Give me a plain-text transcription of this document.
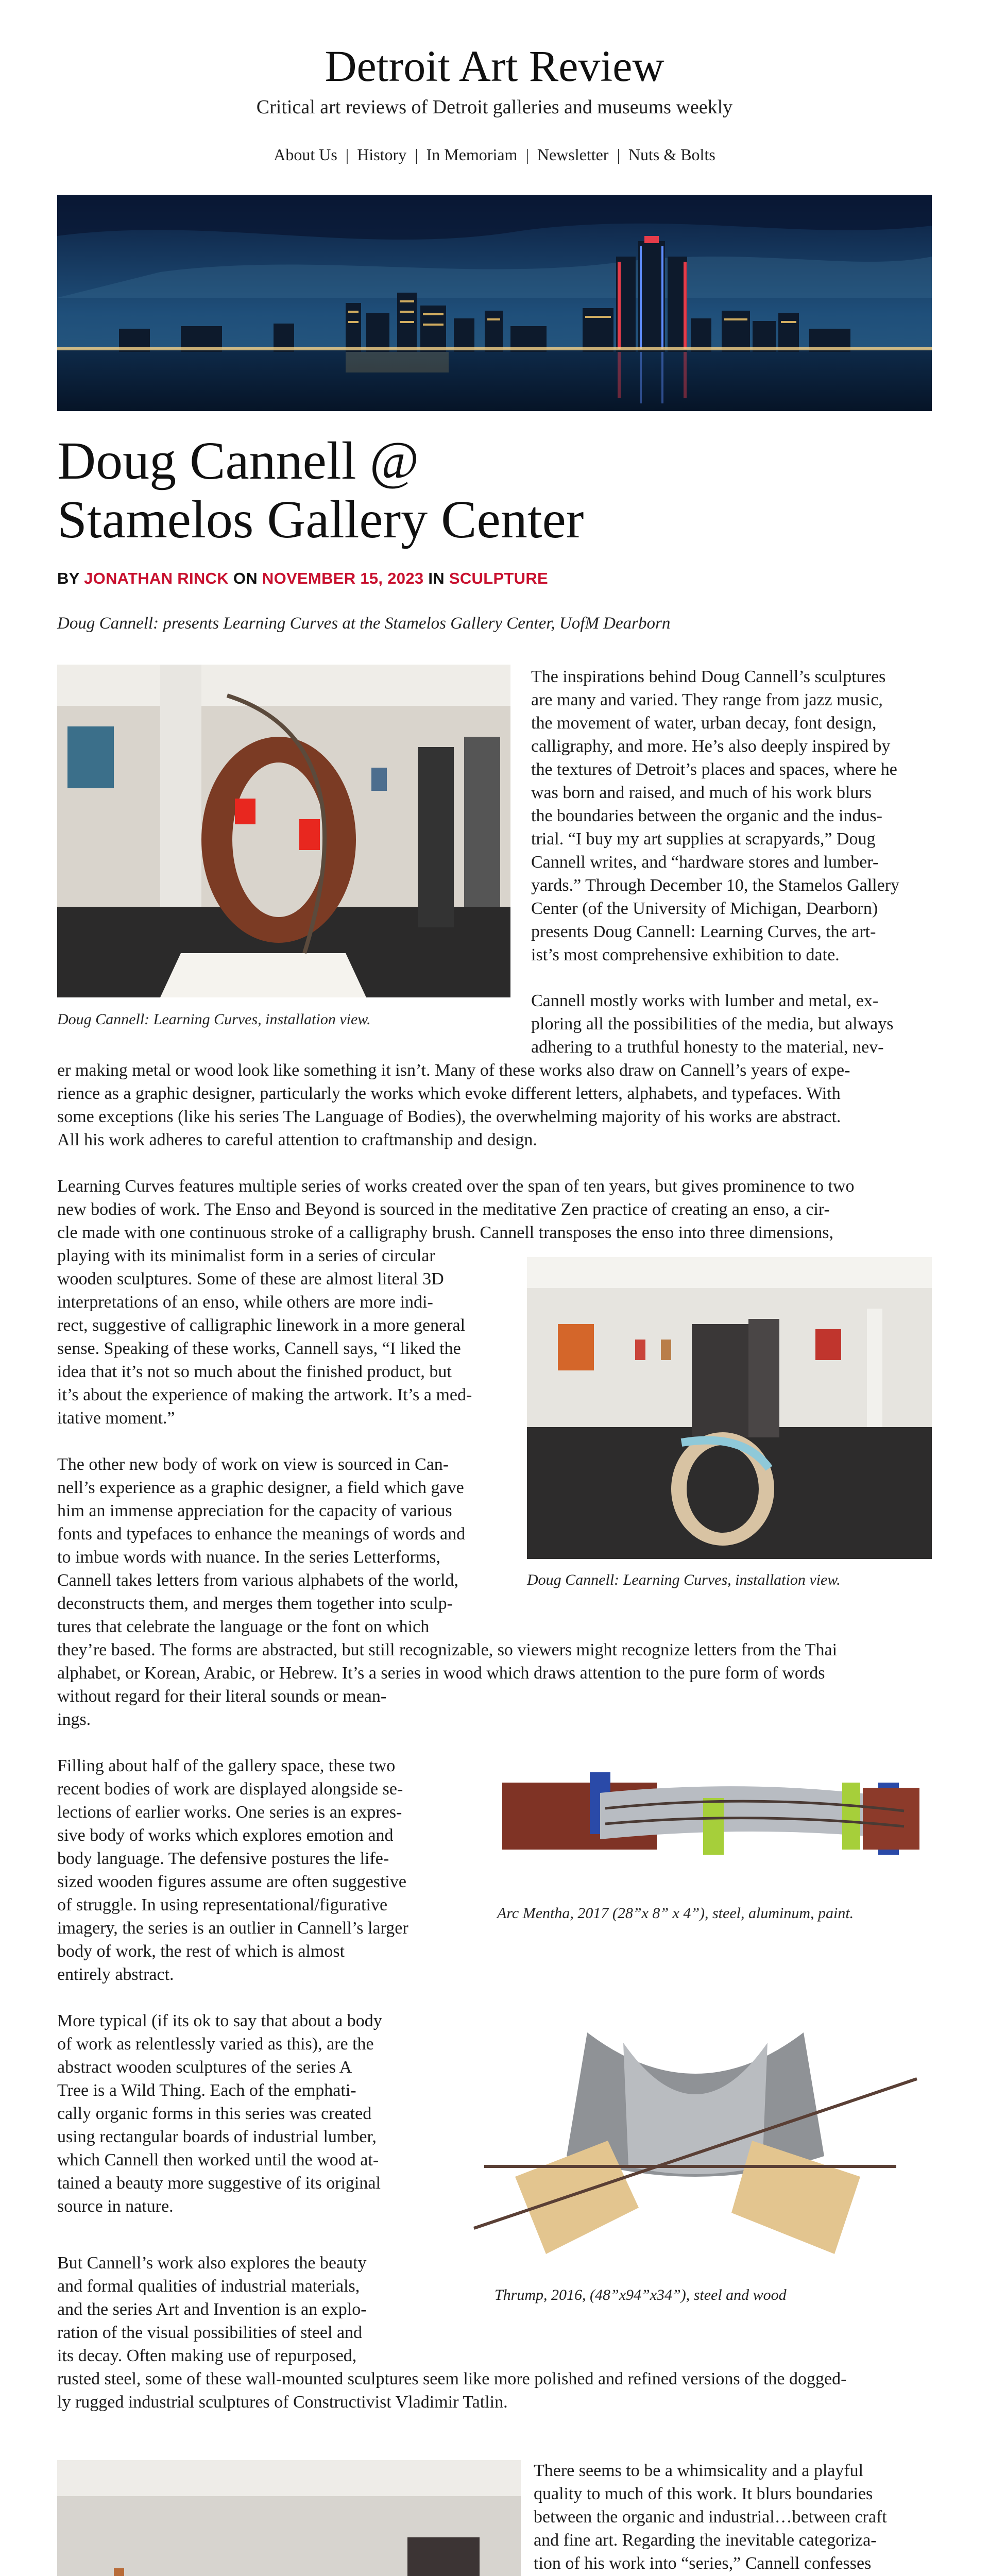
Detroit Art Review
Critical art reviews of Detroit galleries and museums weekly
About Us | History | In Memoriam | Newsletter | Nuts & Bolts
Doug Cannell @
Stamelos Gallery Center
BY JONATHAN RINCK ON NOVEMBER 15, 2023 IN SCULPTURE
Doug Cannell: presents Learning Curves at the Stamelos Gallery Center, UofM Dearborn
Doug Cannell: Learning Curves, installation view.
The inspirations behind Doug Cannell’s sculptures
are many and varied. They range from jazz music,
the movement of water, urban decay, font design,
calligraphy, and more. He’s also deeply inspired by
the textures of Detroit’s places and spaces, where he
was born and raised, and much of his work blurs
the boundaries between the organic and the indus-
trial. “I buy my art supplies at scrapyards,” Doug
Cannell writes, and “hardware stores and lumber-
yards.” Through December 10, the Stamelos Gallery
Center (of the University of Michigan, Dearborn)
presents Doug Cannell: Learning Curves, the art-
ist’s most comprehensive exhibition to date.
Cannell mostly works with lumber and metal, ex-
ploring all the possibilities of the media, but always
adhering to a truthful honesty to the material, nev-
er making metal or wood look like something it isn’t. Many of these works also draw on Cannell’s years of expe-
rience as a graphic designer, particularly the works which evoke different letters, alphabets, and typefaces. With
some exceptions (like his series The Language of Bodies), the overwhelming majority of his works are abstract.
All his work adheres to careful attention to craftmanship and design.
Learning Curves features multiple series of works created over the span of ten years, but gives prominence to two
new bodies of work. The Enso and Beyond is sourced in the meditative Zen practice of creating an enso, a cir-
cle made with one continuous stroke of a calligraphy brush. Cannell transposes the enso into three dimensions,
playing with its minimalist form in a series of circular
wooden sculptures. Some of these are almost literal 3D
interpretations of an enso, while others are more indi-
rect, suggestive of calligraphic linework in a more general
sense. Speaking of these works, Cannell says, “I liked the
idea that it’s not so much about the finished product, but
it’s about the experience of making the artwork. It’s a med-
itative moment.”
Doug Cannell: Learning Curves, installation view.
The other new body of work on view is sourced in Can-
nell’s experience as a graphic designer, a field which gave
him an immense appreciation for the capacity of various
fonts and typefaces to enhance the meanings of words and
to imbue words with nuance. In the series Letterforms,
Cannell takes letters from various alphabets of the world,
deconstructs them, and merges them together into sculp-
tures that celebrate the language or the font on which
they’re based. The forms are abstracted, but still recognizable, so viewers might recognize letters from the Thai
alphabet, or Korean, Arabic, or Hebrew. It’s a series in wood which draws attention to the pure form of words
without regard for their literal sounds or mean-
ings.
Filling about half of the gallery space, these two
recent bodies of work are displayed alongside se-
lections of earlier works. One series is an expres-
sive body of works which explores emotion and
body language. The defensive postures the life-
sized wooden figures assume are often suggestive
of struggle. In using representational/figurative
imagery, the series is an outlier in Cannell’s larger
body of work, the rest of which is almost
entirely abstract.
Arc Mentha, 2017 (28”x 8” x 4”), steel, aluminum, paint.
More typical (if its ok to say that about a body
of work as relentlessly varied as this), are the
abstract wooden sculptures of the series A
Tree is a Wild Thing. Each of the emphati-
cally organic forms in this series was created
using rectangular boards of industrial lumber,
which Cannell then worked until the wood at-
tained a beauty more suggestive of its original
source in nature.
Thrump, 2016, (48”x94”x34”), steel and wood
But Cannell’s work also explores the beauty
and formal qualities of industrial materials,
and the series Art and Invention is an explo-
ration of the visual possibilities of steel and
its decay. Often making use of repurposed,
rusted steel, some of these wall-mounted sculptures seem like more polished and refined versions of the dogged-
ly rugged industrial sculptures of Constructivist Vladimir Tatlin.
There seems to be a whimsicality and a playful
quality to much of this work. It blurs boundaries
between the organic and industrial…between craft
and fine art. Regarding the inevitable categoriza-
tion of his work into “series,” Cannell confesses
